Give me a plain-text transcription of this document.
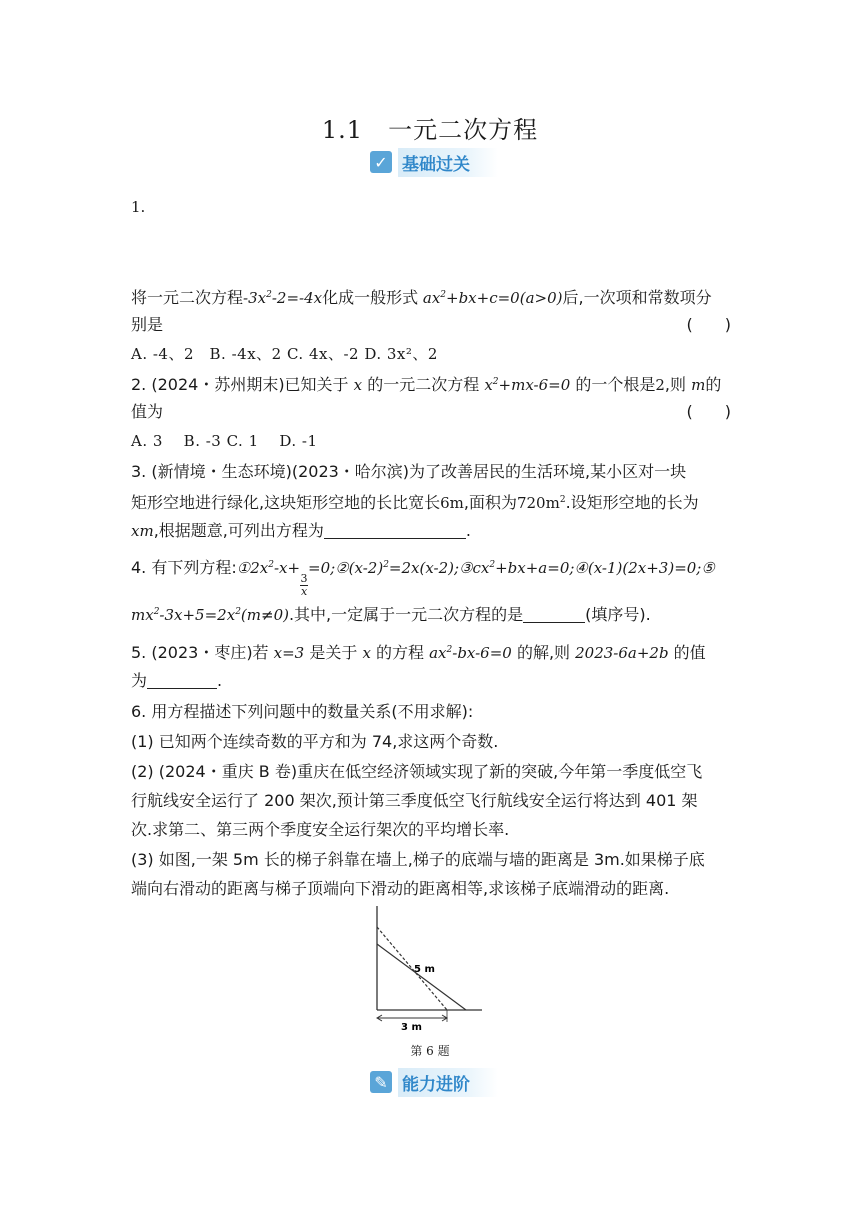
1.1　一元二次方程
✓ 基础过关
1.
将一元二次方程$-3x^2-2=-4x$化成一般形式 $ax^2+bx+c=0(a>0)$后,一次项和常数项分
别是	(　　)
A. -4、2　B. -4x、2 C. 4x、-2 D. 3x²、2
2. (2024・苏州期末)已知关于 x 的一元二次方程 $x^2+mx-6=0$ 的一个根是2,则 m的
值为	(　　)
A. 3　 B. -3 C. 1　 D. -1
3. (新情境・生态环境)(2023・哈尔滨)为了改善居民的生活环境,某小区对一块
矩形空地进行绿化,这块矩形空地的长比宽长6m,面积为$720m^2$.设矩形空地的长为
xm,根据题意,可列出方程为	.
4. 有下列方程$:①2x^2-x+$
$\frac{3}{x}$
$=0;②(x-2)^2=2x(x-2);③cx^2+bx+a=0;④(x-1)(2x+3)=0;⑤$
$mx^2-3x+5=2x^2(m\ne 0)$.其中,一定属于一元二次方程的是	(填序号).
5. (2023・枣庄)若 x=3 是关于 x 的方程 $ax^2-bx-6=0$ 的解,则 2023-6a+2b 的值
为	.
6. 用方程描述下列问题中的数量关系(不用求解):
(1) 已知两个连续奇数的平方和为 74,求这两个奇数.
(2) (2024・重庆 B 卷)重庆在低空经济领域实现了新的突破,今年第一季度低空飞
行航线安全运行了 200 架次,预计第三季度低空飞行航线安全运行将达到 401 架
次.求第二、第三两个季度安全运行架次的平均增长率.
(3) 如图,一架 5m 长的梯子斜靠在墙上,梯子的底端与墙的距离是 3m.如果梯子底
端向右滑动的距离与梯子顶端向下滑动的距离相等,求该梯子底端滑动的距离.
5 m
3 m
第 6 题
✎ 能力进阶
